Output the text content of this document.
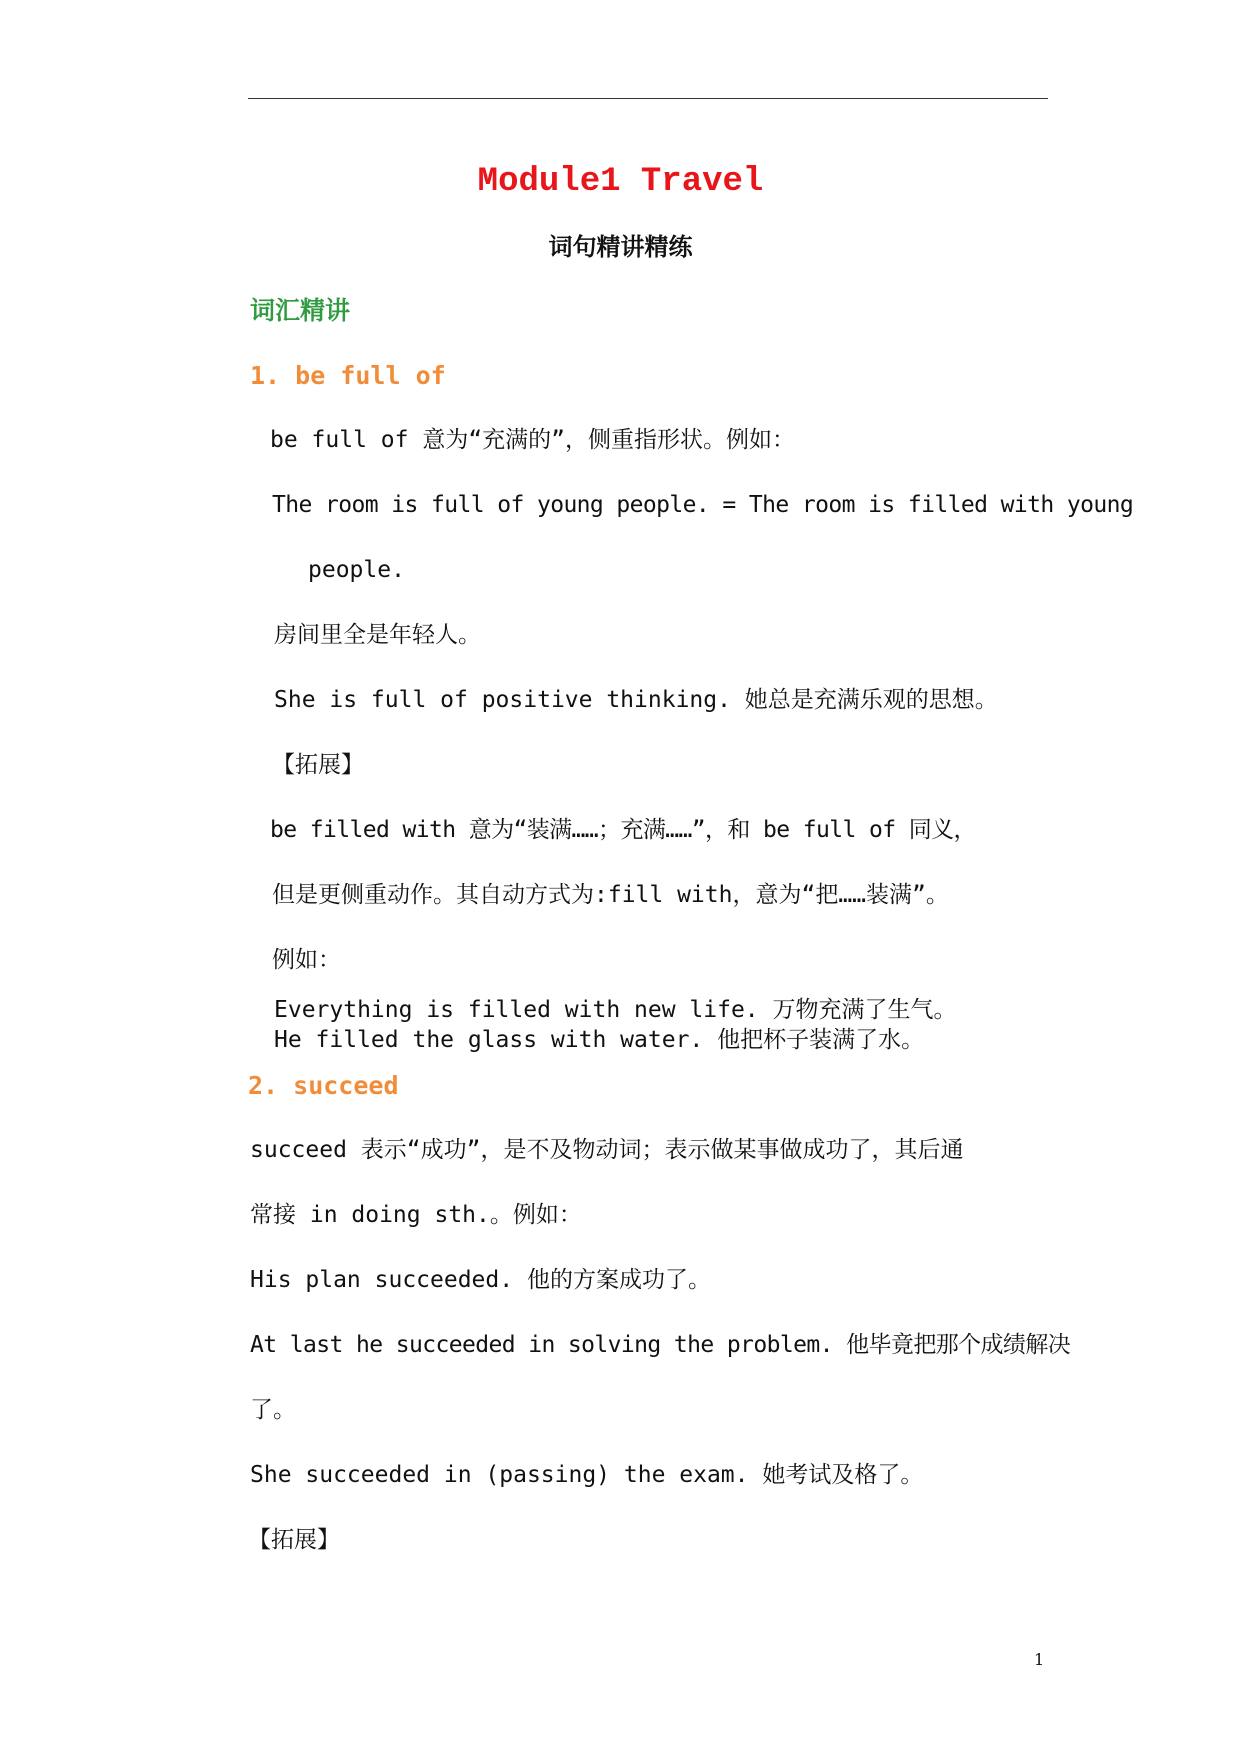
Module1 Travel
词句精讲精练
词汇精讲
1. be full of
be full of 意为“充满的”，侧重指形状。例如：
The room is full of young people. = The room is filled with young
people.
房间里全是年轻人。
She is full of positive thinking. 她总是充满乐观的思想。
【拓展】
be filled with 意为“装满……；充满……”，和 be full of 同义，
但是更侧重动作。其自动方式为:fill with，意为“把……装满”。
例如：
Everything is filled with new life. 万物充满了生气。
He filled the glass with water. 他把杯子装满了水。
2. succeed
succeed 表示“成功”，是不及物动词；表示做某事做成功了，其后通
常接 in doing sth.。例如：
His plan succeeded. 他的方案成功了。
At last he succeeded in solving the problem. 他毕竟把那个成绩解决
了。
She succeeded in (passing) the exam. 她考试及格了。
【拓展】
1
